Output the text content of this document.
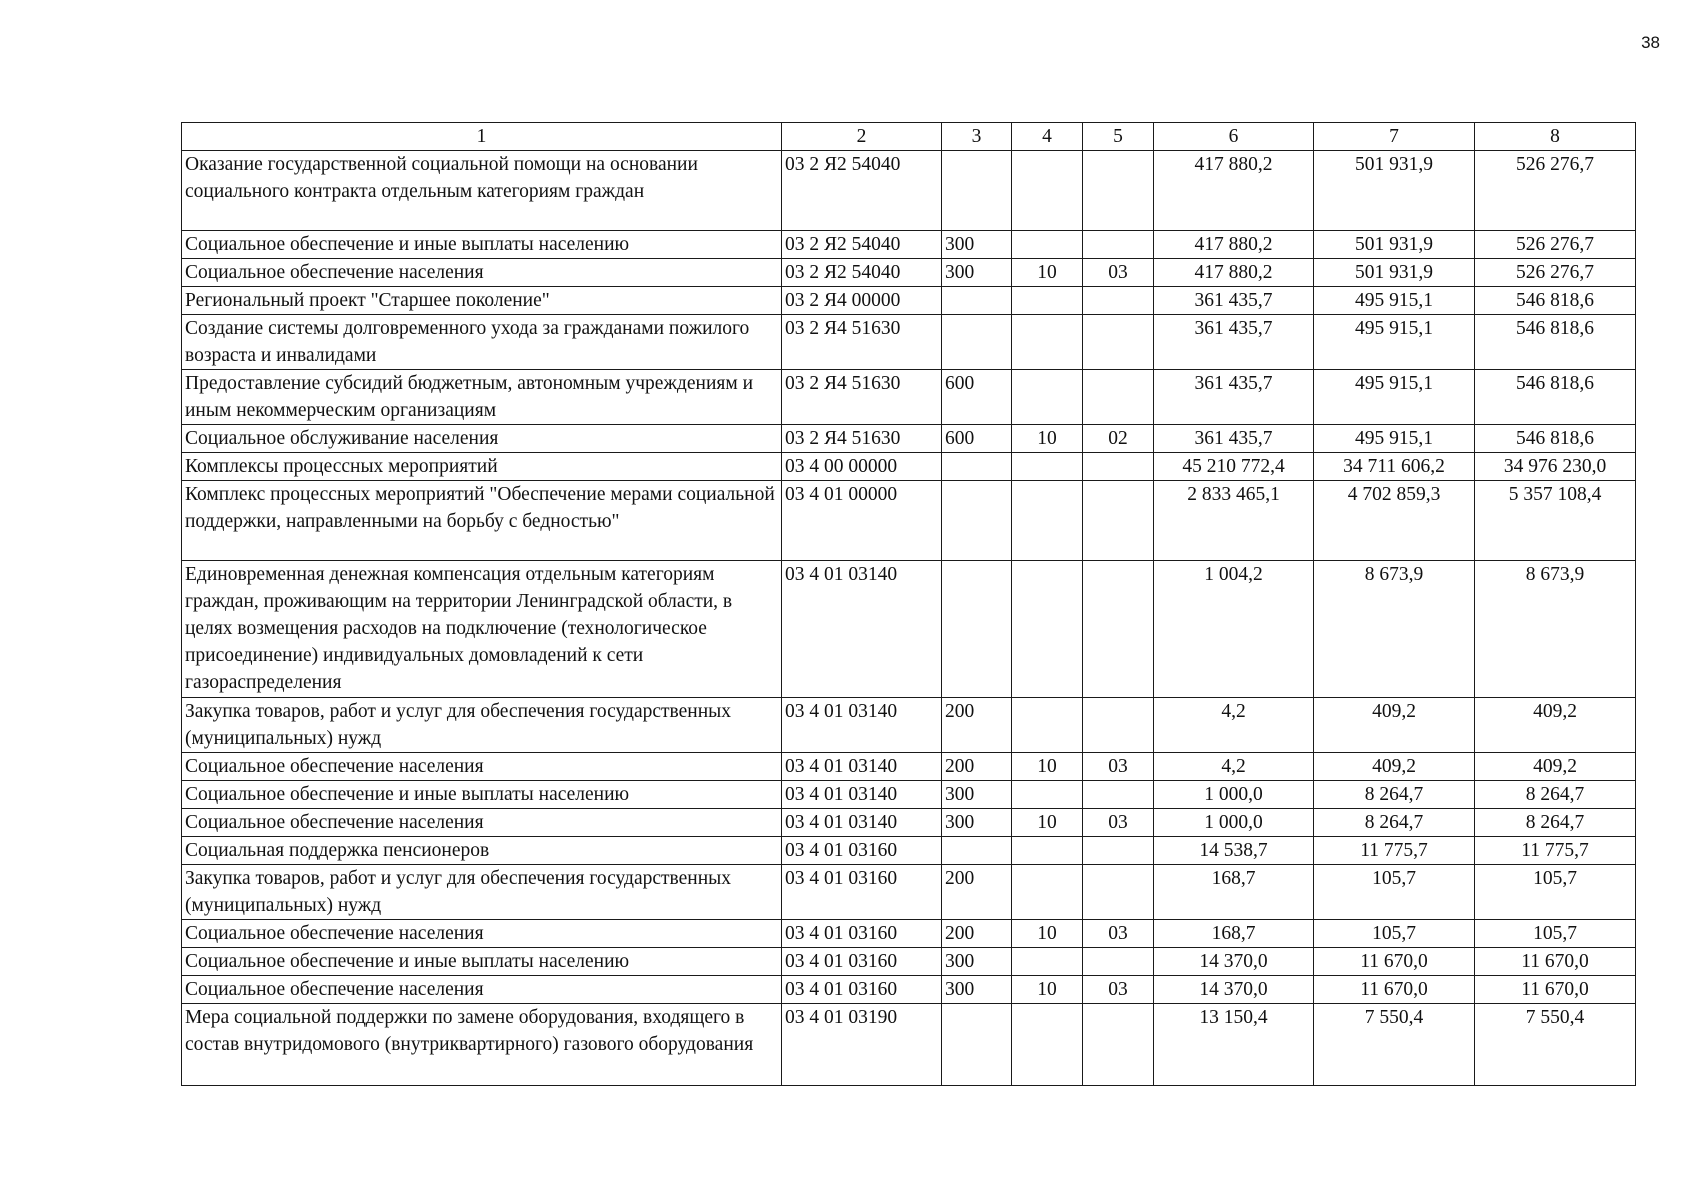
38
1	2	3	4	5	6	7	8
Оказание государственной социальной помощи на основании социального контракта отдельным категориям граждан	03 2 Я2 54040				417 880,2	501 931,9	526 276,7
Социальное обеспечение и иные выплаты населению	03 2 Я2 54040	300			417 880,2	501 931,9	526 276,7
Социальное обеспечение населения	03 2 Я2 54040	300	10	03	417 880,2	501 931,9	526 276,7
Региональный проект "Старшее поколение"	03 2 Я4 00000				361 435,7	495 915,1	546 818,6
Создание системы долговременного ухода за гражданами пожилого возраста и инвалидами	03 2 Я4 51630				361 435,7	495 915,1	546 818,6
Предоставление субсидий бюджетным, автономным учреждениям и иным некоммерческим организациям	03 2 Я4 51630	600			361 435,7	495 915,1	546 818,6
Социальное обслуживание населения	03 2 Я4 51630	600	10	02	361 435,7	495 915,1	546 818,6
Комплексы процессных мероприятий	03 4 00 00000				45 210 772,4	34 711 606,2	34 976 230,0
Комплекс процессных мероприятий "Обеспечение мерами социальной поддержки, направленными на борьбу с бедностью"	03 4 01 00000				2 833 465,1	4 702 859,3	5 357 108,4
Единовременная денежная компенсация отдельным категориям граждан, проживающим на территории Ленинградской области, в целях возмещения расходов на подключение (технологическое присоединение) индивидуальных домовладений к сети газораспределения	03 4 01 03140				1 004,2	8 673,9	8 673,9
Закупка товаров, работ и услуг для обеспечения государственных (муниципальных) нужд	03 4 01 03140	200			4,2	409,2	409,2
Социальное обеспечение населения	03 4 01 03140	200	10	03	4,2	409,2	409,2
Социальное обеспечение и иные выплаты населению	03 4 01 03140	300			1 000,0	8 264,7	8 264,7
Социальное обеспечение населения	03 4 01 03140	300	10	03	1 000,0	8 264,7	8 264,7
Социальная поддержка пенсионеров	03 4 01 03160				14 538,7	11 775,7	11 775,7
Закупка товаров, работ и услуг для обеспечения государственных (муниципальных) нужд	03 4 01 03160	200			168,7	105,7	105,7
Социальное обеспечение населения	03 4 01 03160	200	10	03	168,7	105,7	105,7
Социальное обеспечение и иные выплаты населению	03 4 01 03160	300			14 370,0	11 670,0	11 670,0
Социальное обеспечение населения	03 4 01 03160	300	10	03	14 370,0	11 670,0	11 670,0
Мера социальной поддержки по замене оборудования, входящего в состав внутридомового (внутриквартирного) газового оборудования	03 4 01 03190				13 150,4	7 550,4	7 550,4
